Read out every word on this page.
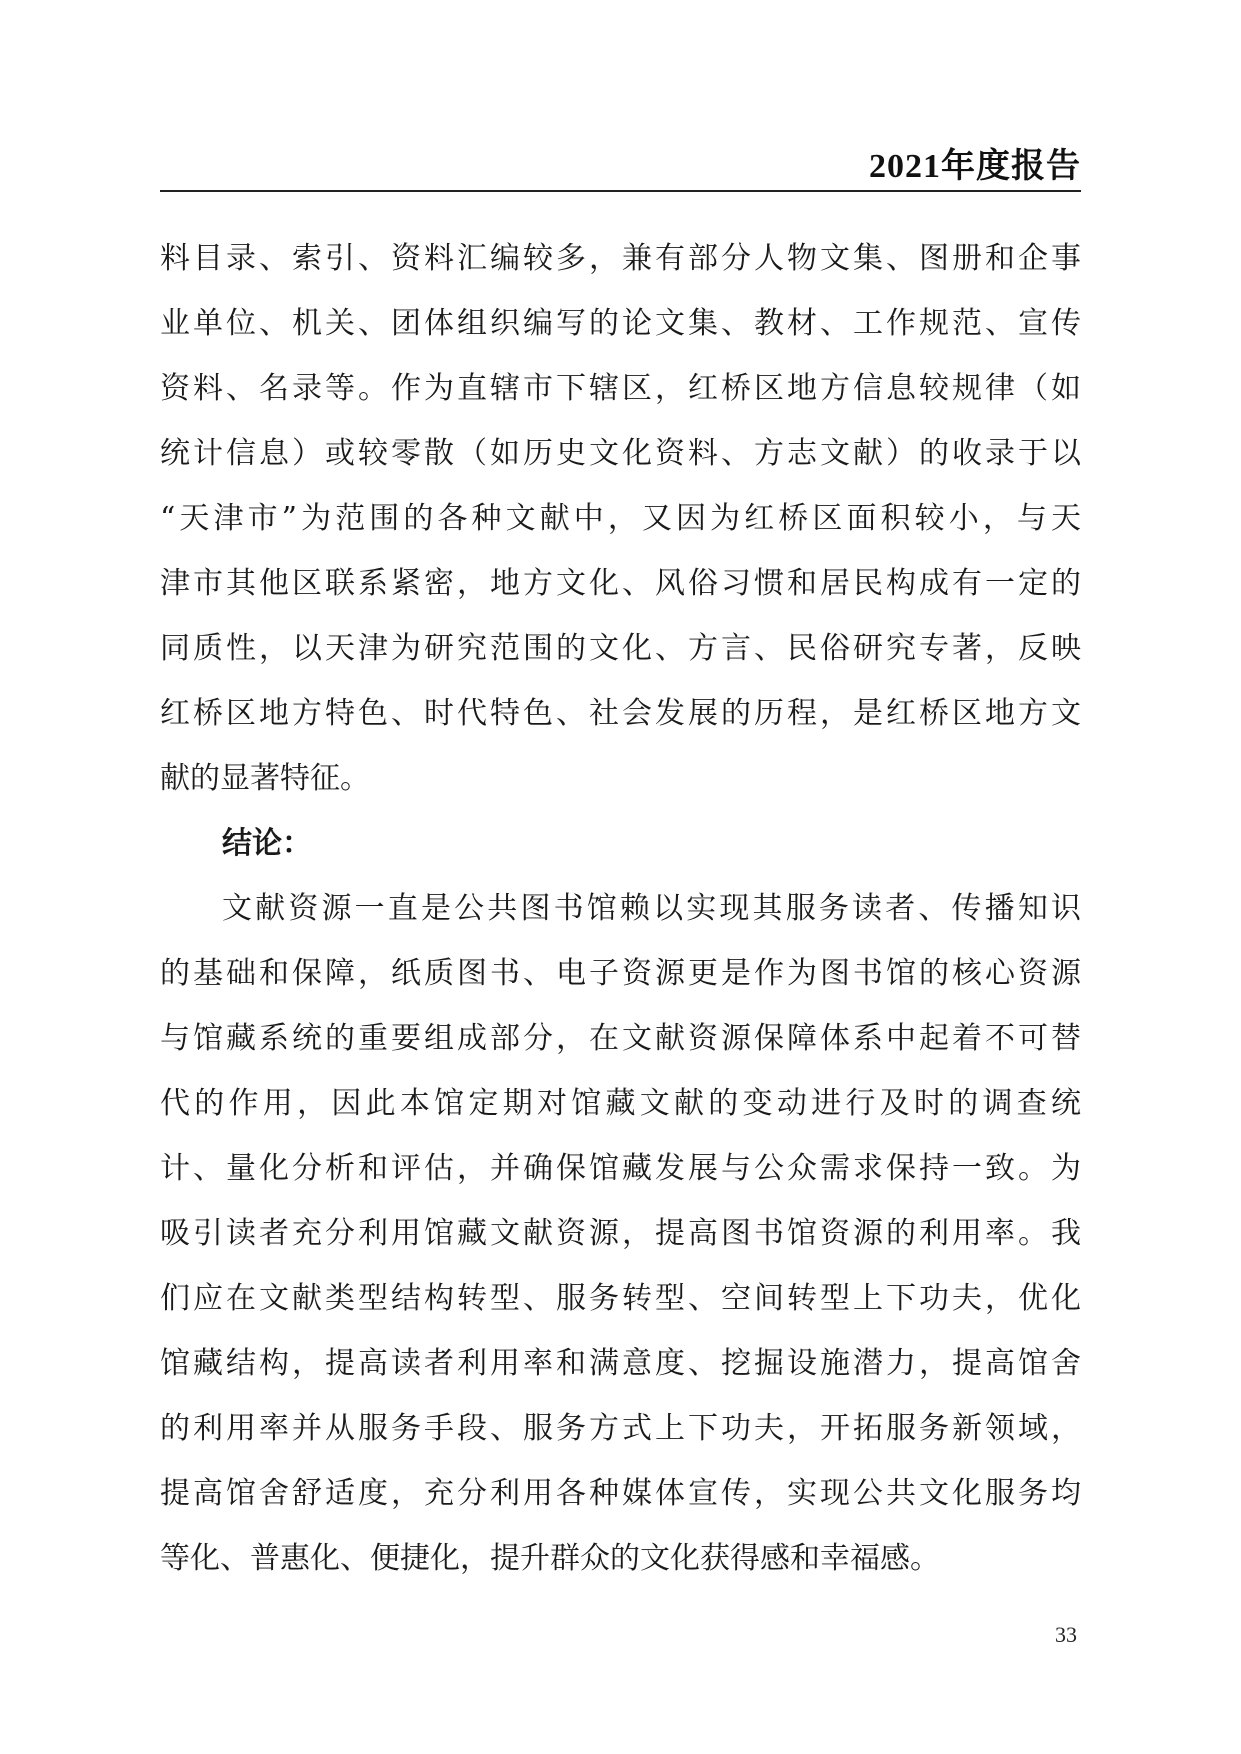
2021年度报告
料目录、索引、资料汇编较多，兼有部分人物文集、图册和企事
业单位、机关、团体组织编写的论文集、教材、工作规范、宣传
资料、名录等。作为直辖市下辖区，红桥区地方信息较规律（如
统计信息）或较零散（如历史文化资料、方志文献）的收录于以
“天津市”为范围的各种文献中，又因为红桥区面积较小，与天
津市其他区联系紧密，地方文化、风俗习惯和居民构成有一定的
同质性，以天津为研究范围的文化、方言、民俗研究专著，反映
红桥区地方特色、时代特色、社会发展的历程，是红桥区地方文
献的显著特征。
结论：
文献资源一直是公共图书馆赖以实现其服务读者、传播知识
的基础和保障，纸质图书、电子资源更是作为图书馆的核心资源
与馆藏系统的重要组成部分，在文献资源保障体系中起着不可替
代的作用，因此本馆定期对馆藏文献的变动进行及时的调查统
计、量化分析和评估，并确保馆藏发展与公众需求保持一致。为
吸引读者充分利用馆藏文献资源，提高图书馆资源的利用率。我
们应在文献类型结构转型、服务转型、空间转型上下功夫，优化
馆藏结构，提高读者利用率和满意度、挖掘设施潜力，提高馆舍
的利用率并从服务手段、服务方式上下功夫，开拓服务新领域，
提高馆舍舒适度，充分利用各种媒体宣传，实现公共文化服务均
等化、普惠化、便捷化，提升群众的文化获得感和幸福感。
33
